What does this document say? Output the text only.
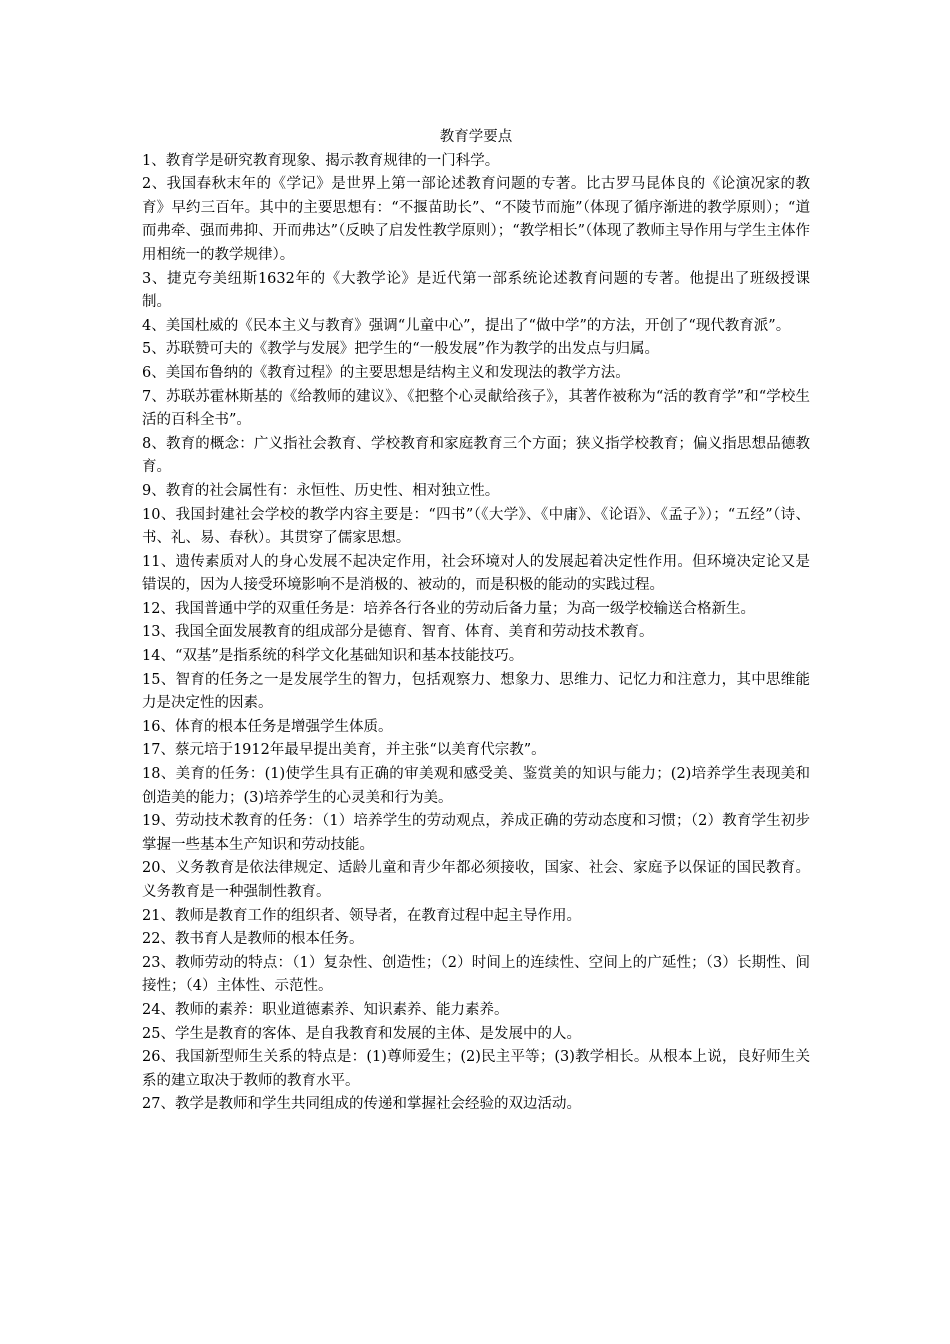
教育学要点

1、教育学是研究教育现象、揭示教育规律的一门科学。

2、我国春秋末年的《学记》是世界上第一部论述教育问题的专著。比古罗马昆体良的《论演况家的教育》早约三百年。其中的主要思想有：“不揠苗助长”、“不陵节而施”（体现了循序渐进的教学原则）；“道而弗牵、强而弗抑、开而弗达”（反映了启发性教学原则）；“教学相长”（体现了教师主导作用与学生主体作用相统一的教学规律）。

3、捷克夸美纽斯1632年的《大教学论》是近代第一部系统论述教育问题的专著。他提出了班级授课制。

4、美国杜威的《民本主义与教育》强调“儿童中心”，提出了“做中学”的方法，开创了“现代教育派”。

5、苏联赞可夫的《教学与发展》把学生的“一般发展”作为教学的出发点与归属。

6、美国布鲁纳的《教育过程》的主要思想是结构主义和发现法的教学方法。

7、苏联苏霍林斯基的《给教师的建议》、《把整个心灵献给孩子》，其著作被称为“活的教育学”和“学校生活的百科全书”。

8、教育的概念：广义指社会教育、学校教育和家庭教育三个方面；狭义指学校教育；偏义指思想品德教育。

9、教育的社会属性有：永恒性、历史性、相对独立性。

10、我国封建社会学校的教学内容主要是：“四书”（《大学》、《中庸》、《论语》、《孟子》）；“五经”（诗、书、礼、易、春秋）。其贯穿了儒家思想。

11、遗传素质对人的身心发展不起决定作用，社会环境对人的发展起着决定性作用。但环境决定论又是错误的，因为人接受环境影响不是消极的、被动的，而是积极的能动的实践过程。

12、我国普通中学的双重任务是：培养各行各业的劳动后备力量；为高一级学校输送合格新生。

13、我国全面发展教育的组成部分是德育、智育、体育、美育和劳动技术教育。

14、“双基”是指系统的科学文化基础知识和基本技能技巧。

15、智育的任务之一是发展学生的智力，包括观察力、想象力、思维力、记忆力和注意力，其中思维能力是决定性的因素。

16、体育的根本任务是增强学生体质。

17、蔡元培于1912年最早提出美育，并主张“以美育代宗教”。

18、美育的任务：(1)使学生具有正确的审美观和感受美、鉴赏美的知识与能力；(2)培养学生表现美和创造美的能力；(3)培养学生的心灵美和行为美。

19、劳动技术教育的任务：（1）培养学生的劳动观点，养成正确的劳动态度和习惯；（2）教育学生初步掌握一些基本生产知识和劳动技能。

20、义务教育是依法律规定、适龄儿童和青少年都必须接收，国家、社会、家庭予以保证的国民教育。义务教育是一种强制性教育。

21、教师是教育工作的组织者、领导者，在教育过程中起主导作用。

22、教书育人是教师的根本任务。

23、教师劳动的特点：（1）复杂性、创造性；（2）时间上的连续性、空间上的广延性；（3）长期性、间接性；（4）主体性、示范性。

24、教师的素养：职业道德素养、知识素养、能力素养。

25、学生是教育的客体、是自我教育和发展的主体、是发展中的人。

26、我国新型师生关系的特点是：(1)尊师爱生；(2)民主平等；(3)教学相长。从根本上说，良好师生关系的建立取决于教师的教育水平。

27、教学是教师和学生共同组成的传递和掌握社会经验的双边活动。
